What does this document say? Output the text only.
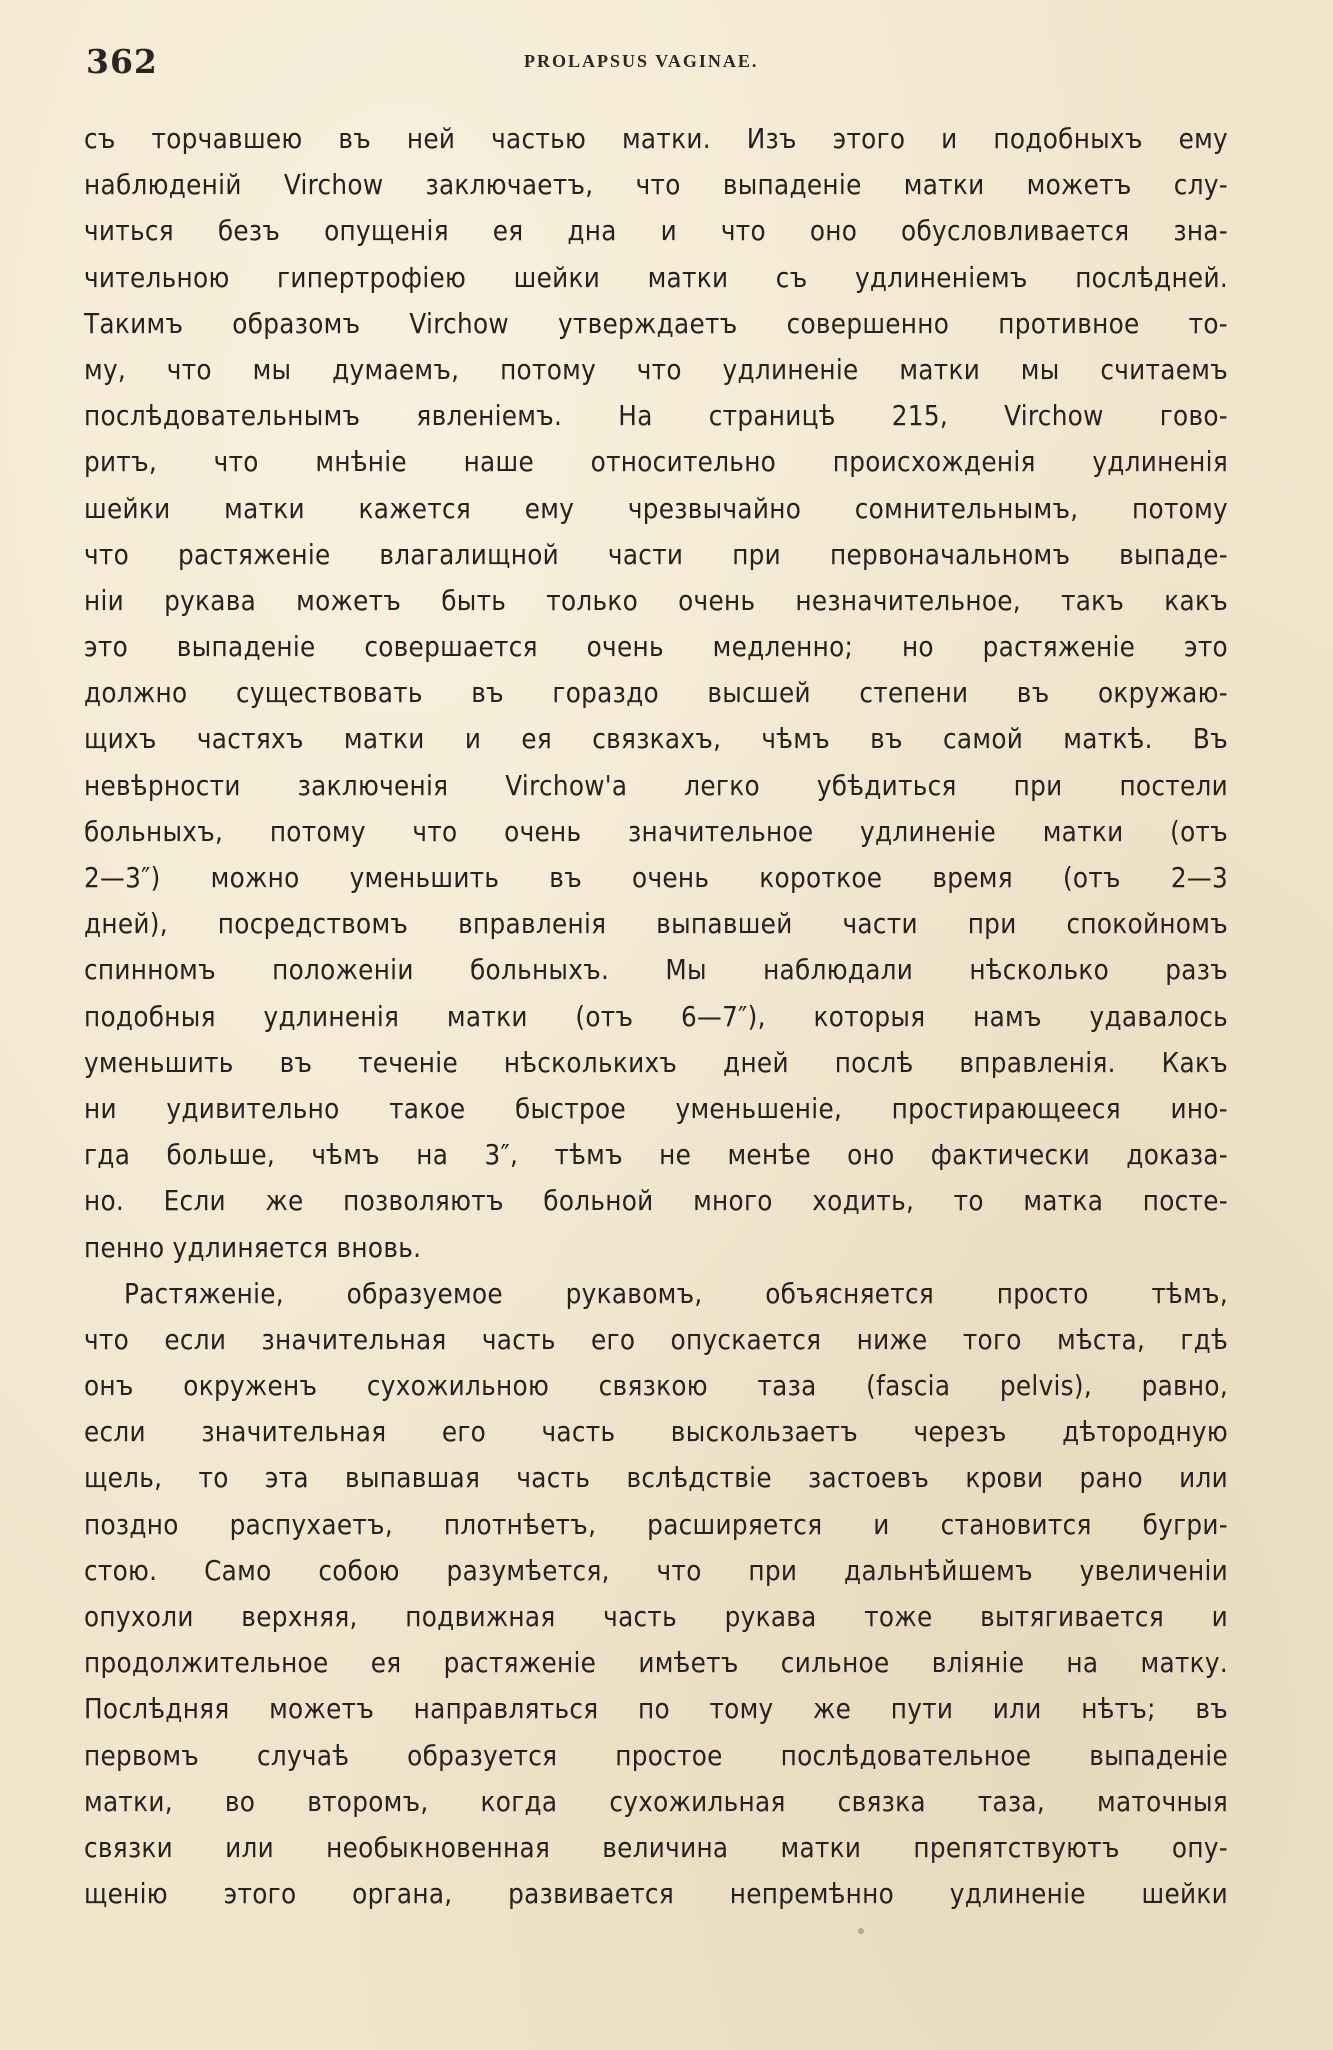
362	PROLAPSUS VAGINAE.
съ торчавшею въ ней частью матки. Изъ этого и подобныхъ ему
наблюденій Virchow заключаетъ, что выпаденіе матки можетъ слу-
читься безъ опущенія ея дна и что оно обусловливается зна-
чительною гипертрофіею шейки матки съ удлиненіемъ послѣдней.
Такимъ образомъ Virchow утверждаетъ совершенно противное то-
му, что мы думаемъ, потому что удлиненіе матки мы считаемъ
послѣдовательнымъ явленіемъ. На страницѣ 215, Virchow гово-
ритъ, что мнѣніе наше относительно происхожденія удлиненія
шейки матки кажется ему чрезвычайно сомнительнымъ, потому
что растяженіе влагалищной части при первоначальномъ выпаде-
ніи рукава можетъ быть только очень незначительное, такъ какъ
это выпаденіе совершается очень медленно; но растяженіе это
должно существовать въ гораздо высшей степени въ окружаю-
щихъ частяхъ матки и ея связкахъ, чѣмъ въ самой маткѣ. Въ
невѣрности заключенія Virchow'a легко убѣдиться при постели
больныхъ, потому что очень значительное удлиненіе матки (отъ
2—3″) можно уменьшить въ очень короткое время (отъ 2—3
дней), посредствомъ вправленія выпавшей части при спокойномъ
спинномъ положеніи больныхъ. Мы наблюдали нѣсколько разъ
подобныя удлиненія матки (отъ 6—7″), которыя намъ удавалось
уменьшить въ теченіе нѣсколькихъ дней послѣ вправленія. Какъ
ни удивительно такое быстрое уменьшеніе, простирающееся ино-
гда больше, чѣмъ на 3″, тѣмъ не менѣе оно фактически доказа-
но. Если же позволяютъ больной много ходить, то матка посте-
пенно удлиняется вновь.
Растяженіе, образуемое рукавомъ, объясняется просто тѣмъ,
что если значительная часть его опускается ниже того мѣста, гдѣ
онъ окруженъ сухожильною связкою таза (fascia pelvis), равно,
если значительная его часть выскользаетъ черезъ дѣтородную
щель, то эта выпавшая часть вслѣдствіе застоевъ крови рано или
поздно распухаетъ, плотнѣетъ, расширяется и становится бугри-
стою. Само собою разумѣется, что при дальнѣйшемъ увеличеніи
опухоли верхняя, подвижная часть рукава тоже вытягивается и
продолжительное ея растяженіе имѣетъ сильное вліяніе на матку.
Послѣдняя можетъ направляться по тому же пути или нѣтъ; въ
первомъ случаѣ образуется простое послѣдовательное выпаденіе
матки, во второмъ, когда сухожильная связка таза, маточныя
связки или необыкновенная величина матки препятствуютъ опу-
щенію этого органа, развивается непремѣнно удлиненіе шейки
